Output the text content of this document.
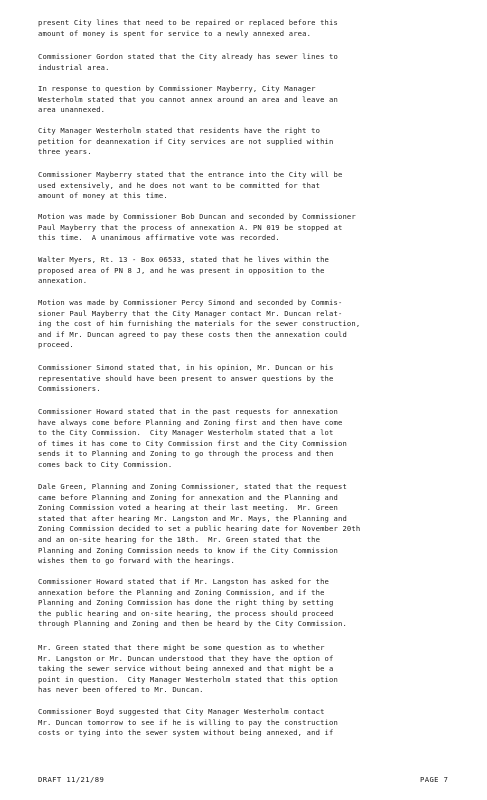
present City lines that need to be repaired or replaced before this
amount of money is spent for service to a newly annexed area.

Commissioner Gordon stated that the City already has sewer lines to
industrial area.

In response to question by Commissioner Mayberry, City Manager
Westerholm stated that you cannot annex around an area and leave an
area unannexed.

City Manager Westerholm stated that residents have the right to
petition for deannexation if City services are not supplied within
three years.

Commissioner Mayberry stated that the entrance into the City will be
used extensively, and he does not want to be committed for that
amount of money at this time.

Motion was made by Commissioner Bob Duncan and seconded by Commissioner
Paul Mayberry that the process of annexation A. PN 019 be stopped at
this time.  A unanimous affirmative vote was recorded.

Walter Myers, Rt. 13 - Box 06533, stated that he lives within the
proposed area of PN 8 J, and he was present in opposition to the
annexation.

Motion was made by Commissioner Percy Simond and seconded by Commis-
sioner Paul Mayberry that the City Manager contact Mr. Duncan relat-
ing the cost of him furnishing the materials for the sewer construction,
and if Mr. Duncan agreed to pay these costs then the annexation could
proceed.

Commissioner Simond stated that, in his opinion, Mr. Duncan or his
representative should have been present to answer questions by the
Commissioners.

Commissioner Howard stated that in the past requests for annexation
have always come before Planning and Zoning first and then have come
to the City Commission.  City Manager Westerholm stated that a lot
of times it has come to City Commission first and the City Commission
sends it to Planning and Zoning to go through the process and then
comes back to City Commission.

Dale Green, Planning and Zoning Commissioner, stated that the request
came before Planning and Zoning for annexation and the Planning and
Zoning Commission voted a hearing at their last meeting.  Mr. Green
stated that after hearing Mr. Langston and Mr. Mays, the Planning and
Zoning Commission decided to set a public hearing date for November 20th
and an on-site hearing for the 18th.  Mr. Green stated that the
Planning and Zoning Commission needs to know if the City Commission
wishes them to go forward with the hearings.

Commissioner Howard stated that if Mr. Langston has asked for the
annexation before the Planning and Zoning Commission, and if the
Planning and Zoning Commission has done the right thing by setting
the public hearing and on-site hearing, the process should proceed
through Planning and Zoning and then be heard by the City Commission.

Mr. Green stated that there might be some question as to whether
Mr. Langston or Mr. Duncan understood that they have the option of
taking the sewer service without being annexed and that might be a
point in question.  City Manager Westerholm stated that this option
has never been offered to Mr. Duncan.

Commissioner Boyd suggested that City Manager Westerholm contact
Mr. Duncan tomorrow to see if he is willing to pay the construction
costs or tying into the sewer system without being annexed, and if

DRAFT 11/21/89	PAGE 7
